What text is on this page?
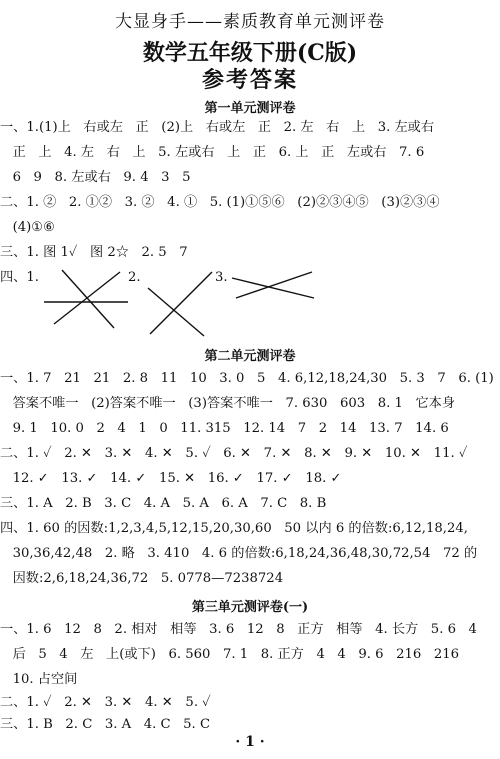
大显身手——素质教育单元测评卷
数学五年级下册(C版)
参考答案
第一单元测评卷
一、1.(1)上   右或左   正   (2)上   右或左   正   2. 左   右   上   3. 左或右
正   上   4. 左   右   上   5. 左或右   上   正   6. 上   正   左或右   7. 6
6   9   8. 左或右   9. 4   3   5
二、1. ②   2. ①②   3. ②   4. ①   5. (1)①⑤⑥   (2)②③④⑤   (3)②③④
(4)①⑥
三、1. 图 1✓   图 2☆   2. 5   7
四、1.	2.	3.
第二单元测评卷
一、1. 7   21   21   2. 8   11   10   3. 0   5   4. 6,12,18,24,30   5. 3   7   6. (1)
答案不唯一   (2)答案不唯一   (3)答案不唯一   7. 630   603   8. 1   它本身
9. 1   10. 0   2   4   1   0   11. 315   12. 14   7   2   14   13. 7   14. 6
二、1. ✓   2. ✕   3. ✕   4. ✕   5. ✓   6. ✕   7. ✕   8. ✕   9. ✕   10. ✕   11. ✓
12. ✓   13. ✓   14. ✓   15. ✕   16. ✓   17. ✓   18. ✓
三、1. A   2. B   3. C   4. A   5. A   6. A   7. C   8. B
四、1. 60 的因数:1,2,3,4,5,12,15,20,30,60   50 以内 6 的倍数:6,12,18,24,
30,36,42,48   2. 略   3. 410   4. 6 的倍数:6,18,24,36,48,30,72,54   72 的
因数:2,6,18,24,36,72   5. 0778—7238724
第三单元测评卷(一)
一、1. 6   12   8   2. 相对   相等   3. 6   12   8   正方   相等   4. 长方   5. 6   4
后   5   4   左   上(或下)   6. 560   7. 1   8. 正方   4   4   9. 6   216   216
10. 占空间
二、1. ✓   2. ✕   3. ✕   4. ✕   5. ✓
三、1. B   2. C   3. A   4. C   5. C
· 1 ·
